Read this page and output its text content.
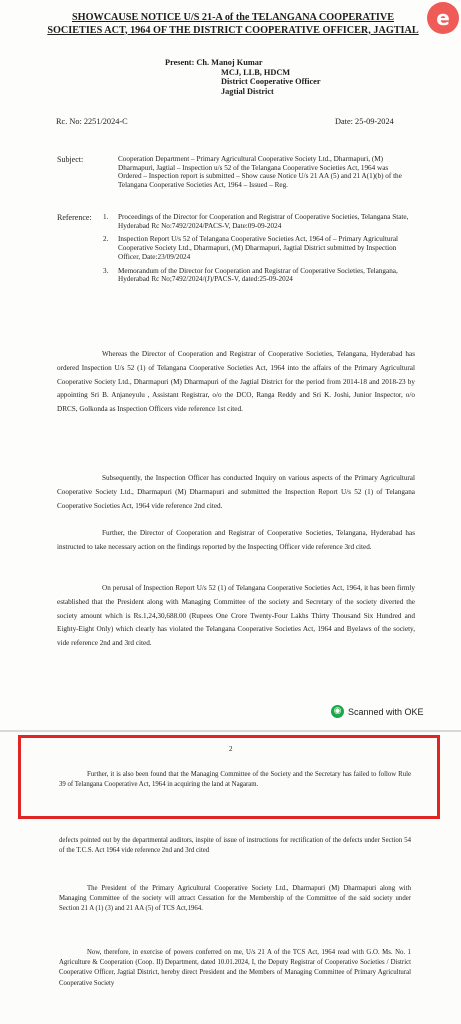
e
SHOWCAUSE NOTICE U/S 21-A of the TELANGANA COOPERATIVE SOCIETIES ACT, 1964 OF THE DISTRICT COOPERATIVE OFFICER, JAGTIAL
Present: Ch. Manoj Kumar
MCJ, LLB, HDCM
District Cooperative Officer
Jagtial District
Rc. No: 2251/2024-C	Date: 25-09-2024
Subject:	Cooperation Department – Primary Agricultural Cooperative Society Ltd., Dharmapuri, (M) Dharmapuri, Jagtial – Inspection u/s 52 of the Telangana Cooperative Societies Act, 1964 was Ordered – Inspection report is submitted – Show cause Notice U/s 21 AA (5) and 21 A(1)(b) of the Telangana Cooperative Societies Act, 1964 – Issued – Reg.
Reference: 1.	Proceedings of the Director for Cooperation and Registrar of Cooperative Societies, Telangana State, Hyderabad Rc No:7492/2024/PACS-V, Date:09-09-2024
2.	Inspection Report U/s 52 of Telangana Cooperative Societies Act, 1964 of – Primary Agricultural Cooperative Society Ltd., Dharmapuri, (M) Dharmapuri, Jagtial District submitted by Inspection Officer, Date:23/09/2024
3.	Memorandum of the Director for Cooperation and Registrar of Cooperative Societies, Telangana, Hyderabad Rc No;7492/2024/(J)/PACS-V, dated:25-09-2024
Whereas the Director of Cooperation and Registrar of Cooperative Societies, Telangana, Hyderabad has ordered Inspection U/s 52 (1) of Telangana Cooperative Societies Act, 1964 into the affairs of the Primary Agricultural Cooperative Society Ltd., Dharmapuri (M) Dharmapuri of the Jagtial District for the period from 2014-18 and 2018-23 by appointing Sri B. Anjaneyulu , Assistant Registrar, o/o the DCO, Ranga Reddy and Sri K. Joshi, Junior Inspector, o/o DRCS, Golkonda as Inspection Officers vide reference 1st cited.
Subsequently, the Inspection Officer has conducted Inquiry on various aspects of the Primary Agricultural Cooperative Society Ltd., Dharmapuri (M) Dharmapuri and submitted the Inspection Report U/s 52 (1) of Telangana Cooperative Societies Act, 1964 vide reference 2nd cited.
Further, the Director of Cooperation and Registrar of Cooperative Societies, Telangana, Hyderabad has instructed to take necessary action on the findings reported by the Inspecting Officer vide reference 3rd cited.
On perusal of Inspection Report U/s 52 (1) of Telangana Cooperative Societies Act, 1964, it has been firmly established that the President along with Managing Committee of the society and Secretary of the society diverted the society amount which is Rs.1,24,30,688.00 (Rupees One Crore Twenty-Four Lakhs Thirty Thousand Six Hundred and Eighty-Eight Only) which clearly has violated the Telangana Cooperative Societies Act, 1964 and Byelaws of the society, vide reference 2nd and 3rd cited.
◉ Scanned with OKE
2
Further, it is also been found that the Managing Committee of the Society and the Secretary has failed to follow Rule 39 of Telangana Cooperative Act, 1964 in acquiring the land at Nagaram.
defects pointed out by the departmental auditors, inspite of issue of instructions for rectification of the defects under Section 54 of the T.C.S. Act 1964 vide reference 2nd and 3rd cited
The President of the Primary Agricultural Cooperative Society Ltd., Dharmapuri (M) Dharmapuri along with Managing Committee of the society will attract Cessation for the Membership of the Committee of the said society under Section 21 A (1) (3) and 21 AA (5) of TCS Act,1964.
Now, therefore, in exercise of powers conferred on me, U/s 21 A of the TCS Act, 1964 read with G.O. Ms. No. 1 Agriculture & Cooperation (Coop. II) Department, dated 10.01.2024, I, the Deputy Registrar of Cooperative Societies / District Cooperative Officer, Jagtial District, hereby direct President and the Members of Managing Committee of Primary Agricultural Cooperative Society
